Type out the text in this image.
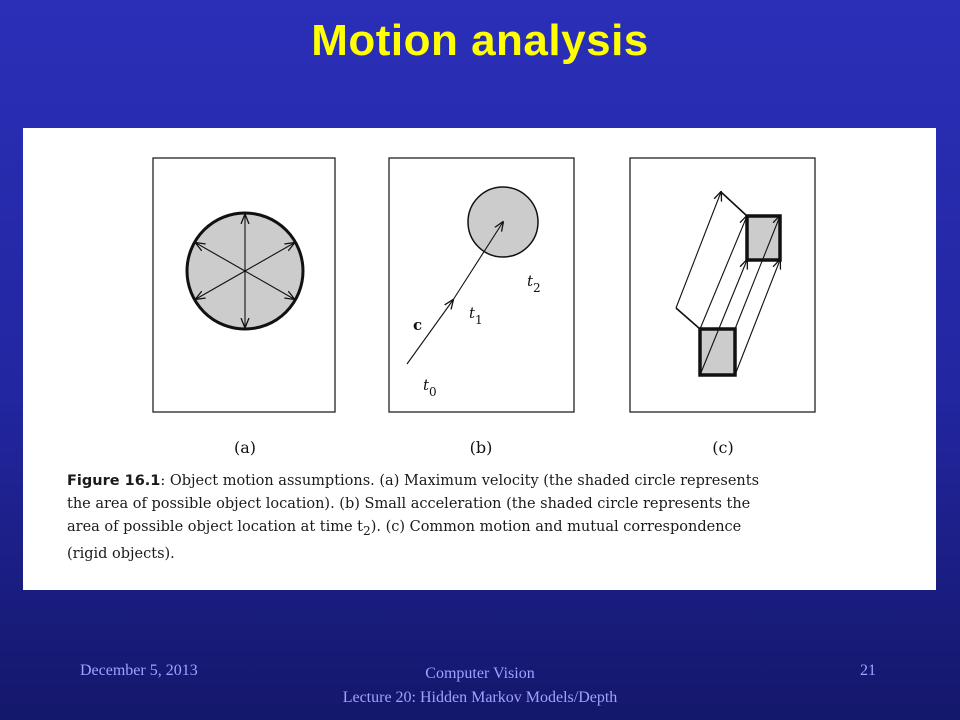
Motion analysis
c
$t_0$
$t_1$
$t_2$
(a)	(b)	(c)
Figure 16.1: Object motion assumptions. (a) Maximum velocity (the shaded circle represents
the area of possible object location). (b) Small acceleration (the shaded circle represents the
area of possible object location at time $t_2$). (c) Common motion and mutual correspondence
(rigid objects).
December 5, 2013	Computer Vision
Lecture 20: Hidden Markov Models/Depth
21
